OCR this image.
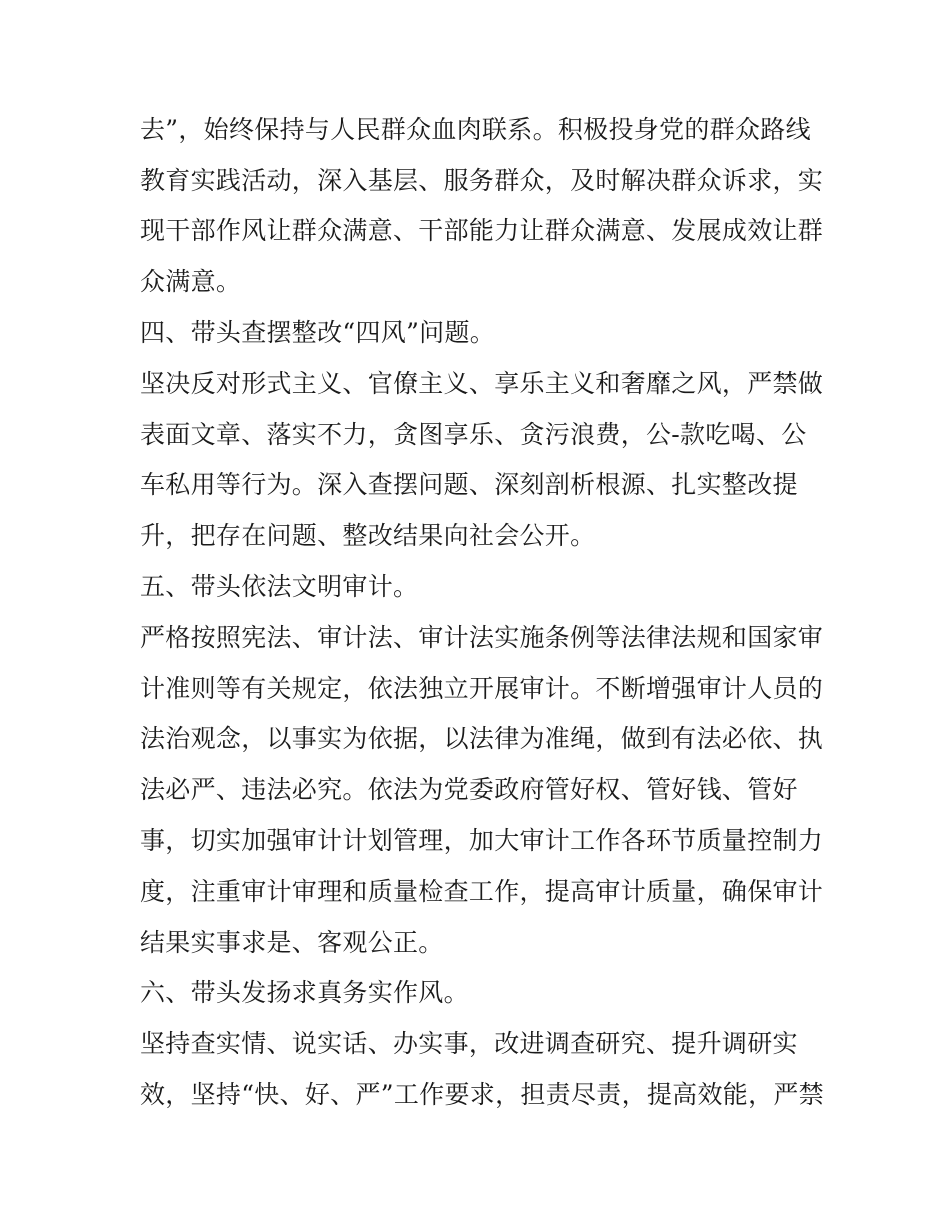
去”，始终保持与人民群众血肉联系。积极投身党的群众路线
教育实践活动，深入基层、服务群众，及时解决群众诉求，实
现干部作风让群众满意、干部能力让群众满意、发展成效让群
众满意。
四、带头查摆整改“四风”问题。
坚决反对形式主义、官僚主义、享乐主义和奢靡之风，严禁做
表面文章、落实不力，贪图享乐、贪污浪费，公-款吃喝、公
车私用等行为。深入查摆问题、深刻剖析根源、扎实整改提
升，把存在问题、整改结果向社会公开。
五、带头依法文明审计。
严格按照宪法、审计法、审计法实施条例等法律法规和国家审
计准则等有关规定，依法独立开展审计。不断增强审计人员的
法治观念，以事实为依据，以法律为准绳，做到有法必依、执
法必严、违法必究。依法为党委政府管好权、管好钱、管好
事，切实加强审计计划管理，加大审计工作各环节质量控制力
度，注重审计审理和质量检查工作，提高审计质量，确保审计
结果实事求是、客观公正。
六、带头发扬求真务实作风。
坚持查实情、说实话、办实事，改进调查研究、提升调研实
效，坚持“快、好、严”工作要求，担责尽责，提高效能，严禁
